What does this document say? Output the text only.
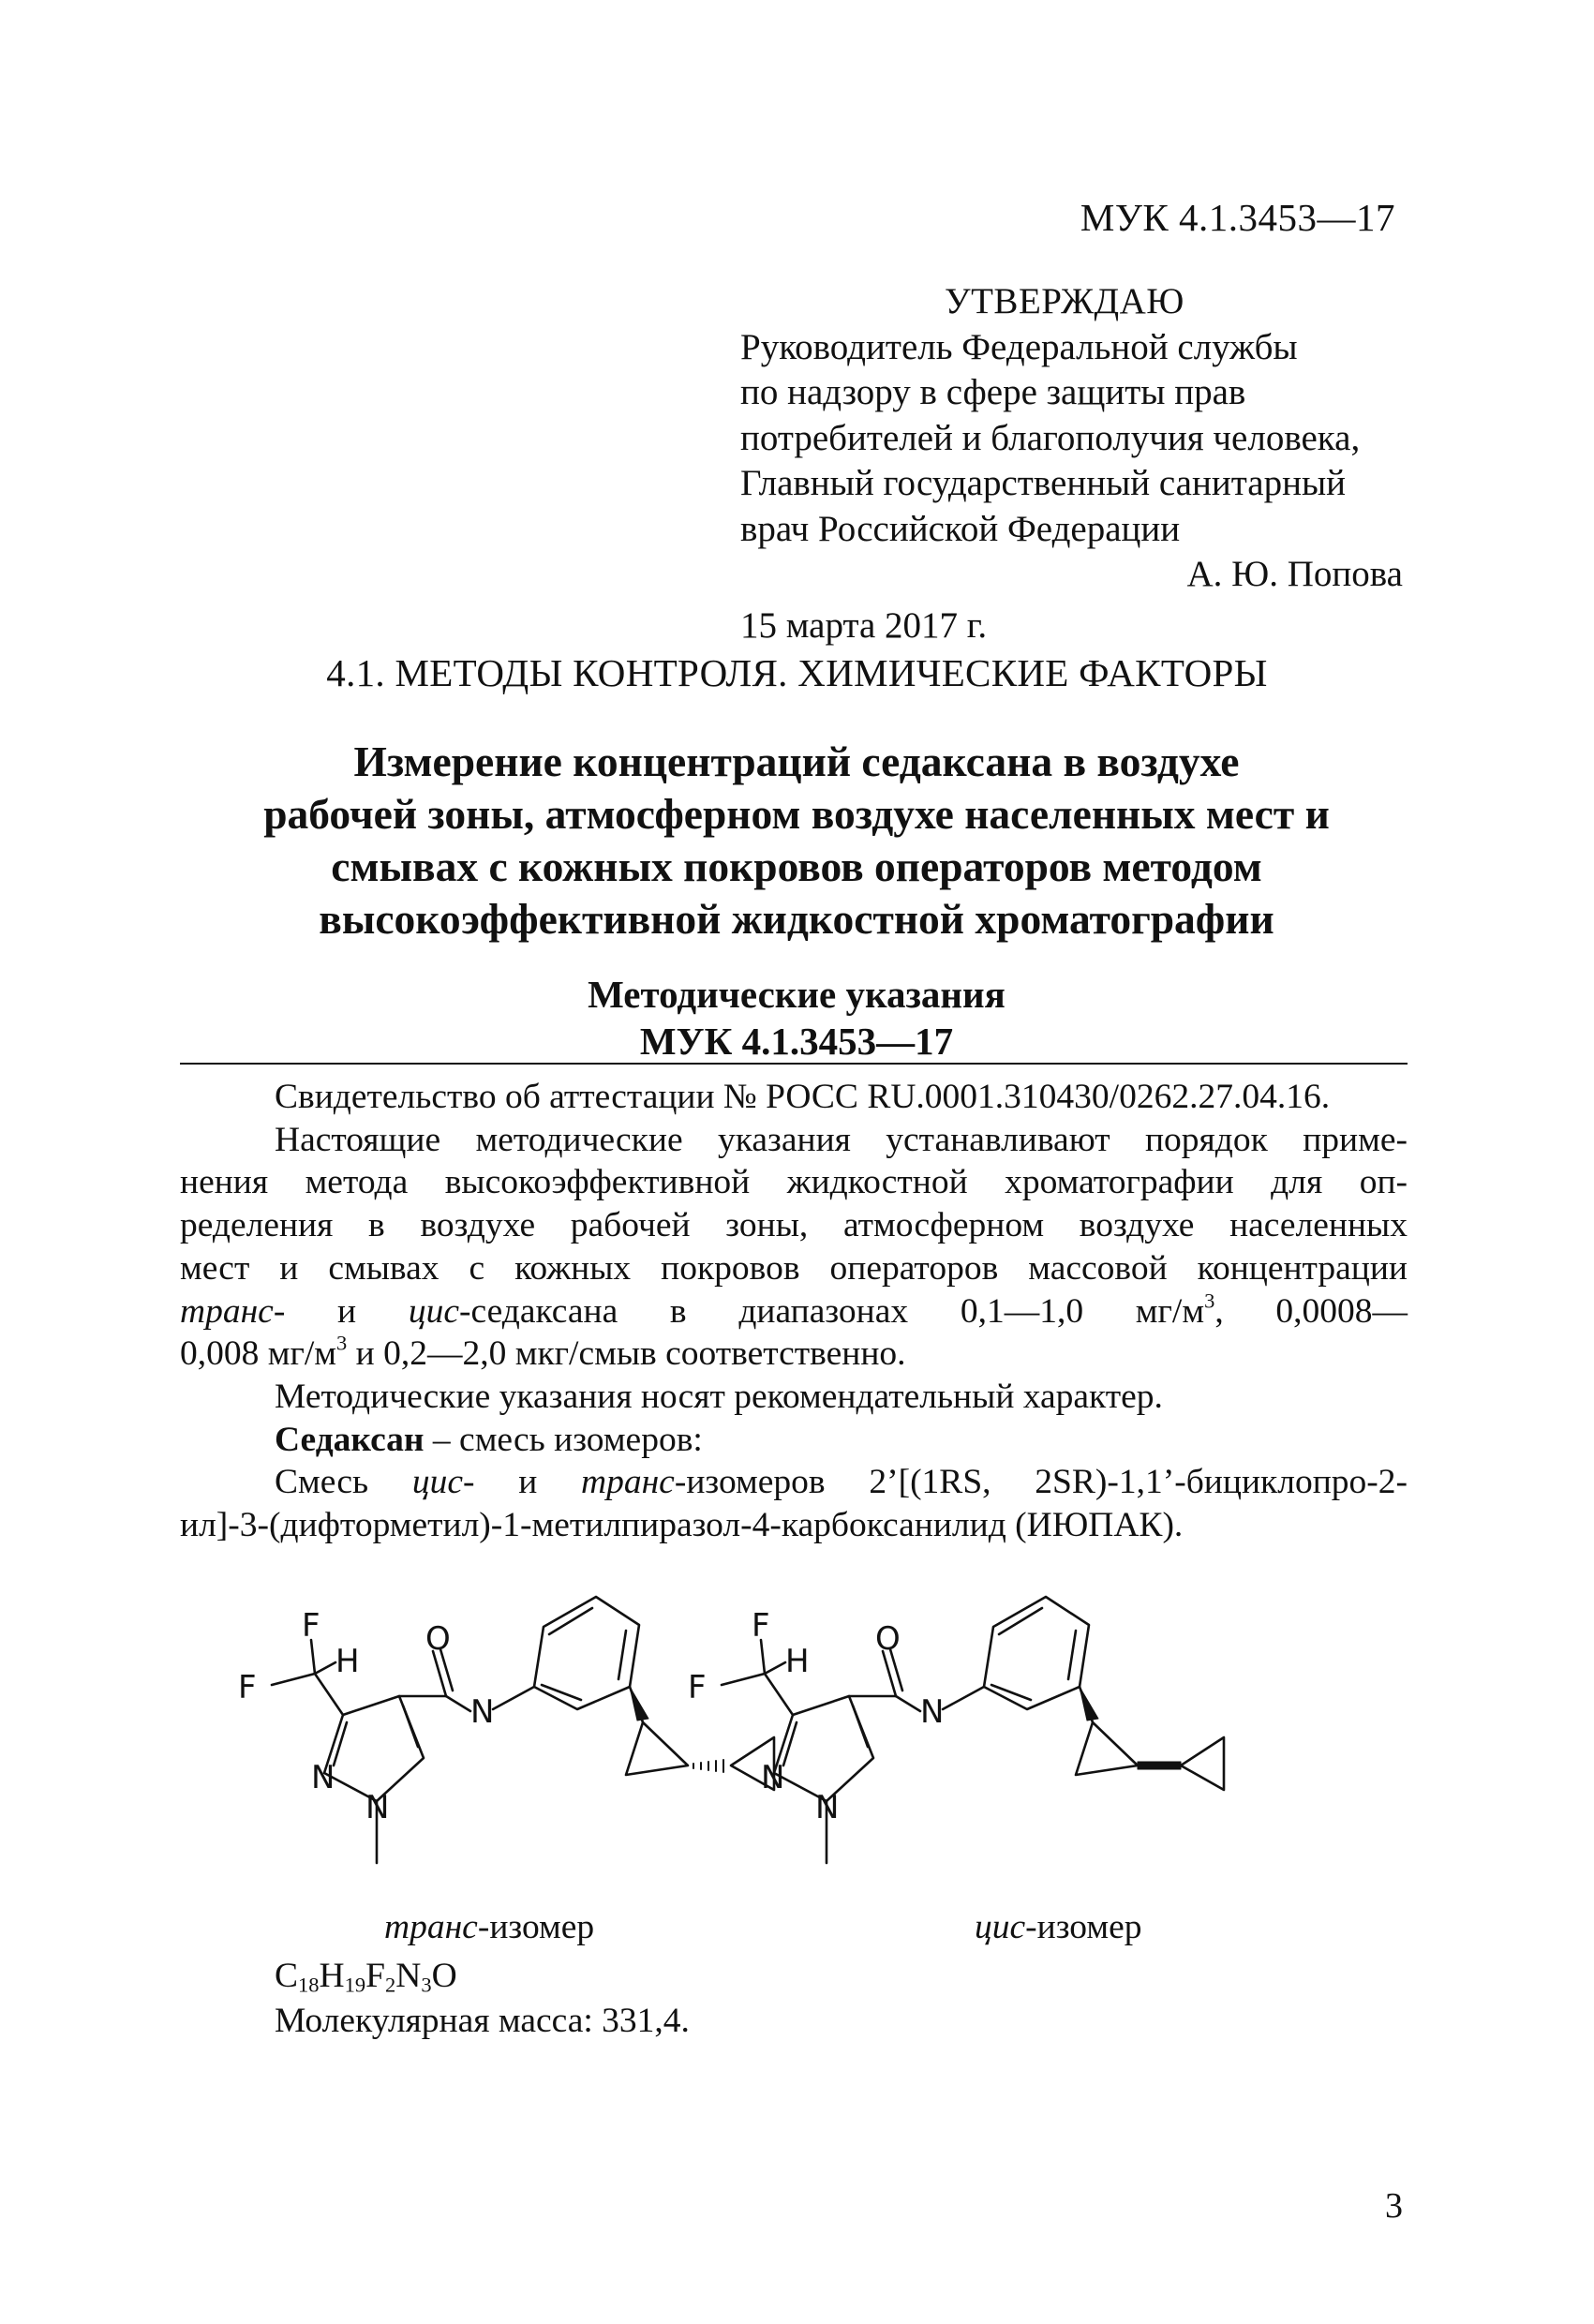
МУК 4.1.3453—17
УТВЕРЖДАЮ
Руководитель Федеральной службы
по надзору в сфере защиты прав
потребителей и благополучия человека,
Главный государственный санитарный
врач Российской Федерации
А. Ю. Попова
15 марта 2017 г.
4.1. МЕТОДЫ КОНТРОЛЯ. ХИМИЧЕСКИЕ ФАКТОРЫ
Измерение концентраций седаксана в воздухе
рабочей зоны, атмосферном воздухе населенных мест и
смывах с кожных покровов операторов методом
высокоэффективной жидкостной хроматографии
Методические указания
МУК 4.1.3453—17

Свидетельство об аттестации № РОСС RU.0001.310430/0262.27.04.16.

Настоящие методические указания устанавливают порядок приме-

нения метода высокоэффективной жидкостной хроматографии для оп-

ределения в воздухе рабочей зоны, атмосферном воздухе населенных

мест и смывах с кожных покровов операторов массовой концентрации

транс- и цис-седаксана в диапазонах 0,1—1,0 $мг/м^3$, 0,0008—

0,008 $мг/м^3$ и 0,2—2,0 мкг/смыв соответственно.

Методические указания носят рекомендательный характер.

Седаксан – смесь изомеров:

Смесь цис- и транс-изомеров 2’[(1RS, 2SR)-1,1’-бициклопро-2-

ил]-3-(дифторметил)-1-метилпиразол-4-карбоксанилид (ИЮПАК).

F
H
F
O
N
N
N
F
H
F
O
N
N
N
транс-изомер	цис-изомер
$C_{18}H_{19}F_2N_3O$
Молекулярная масса: 331,4.
3
